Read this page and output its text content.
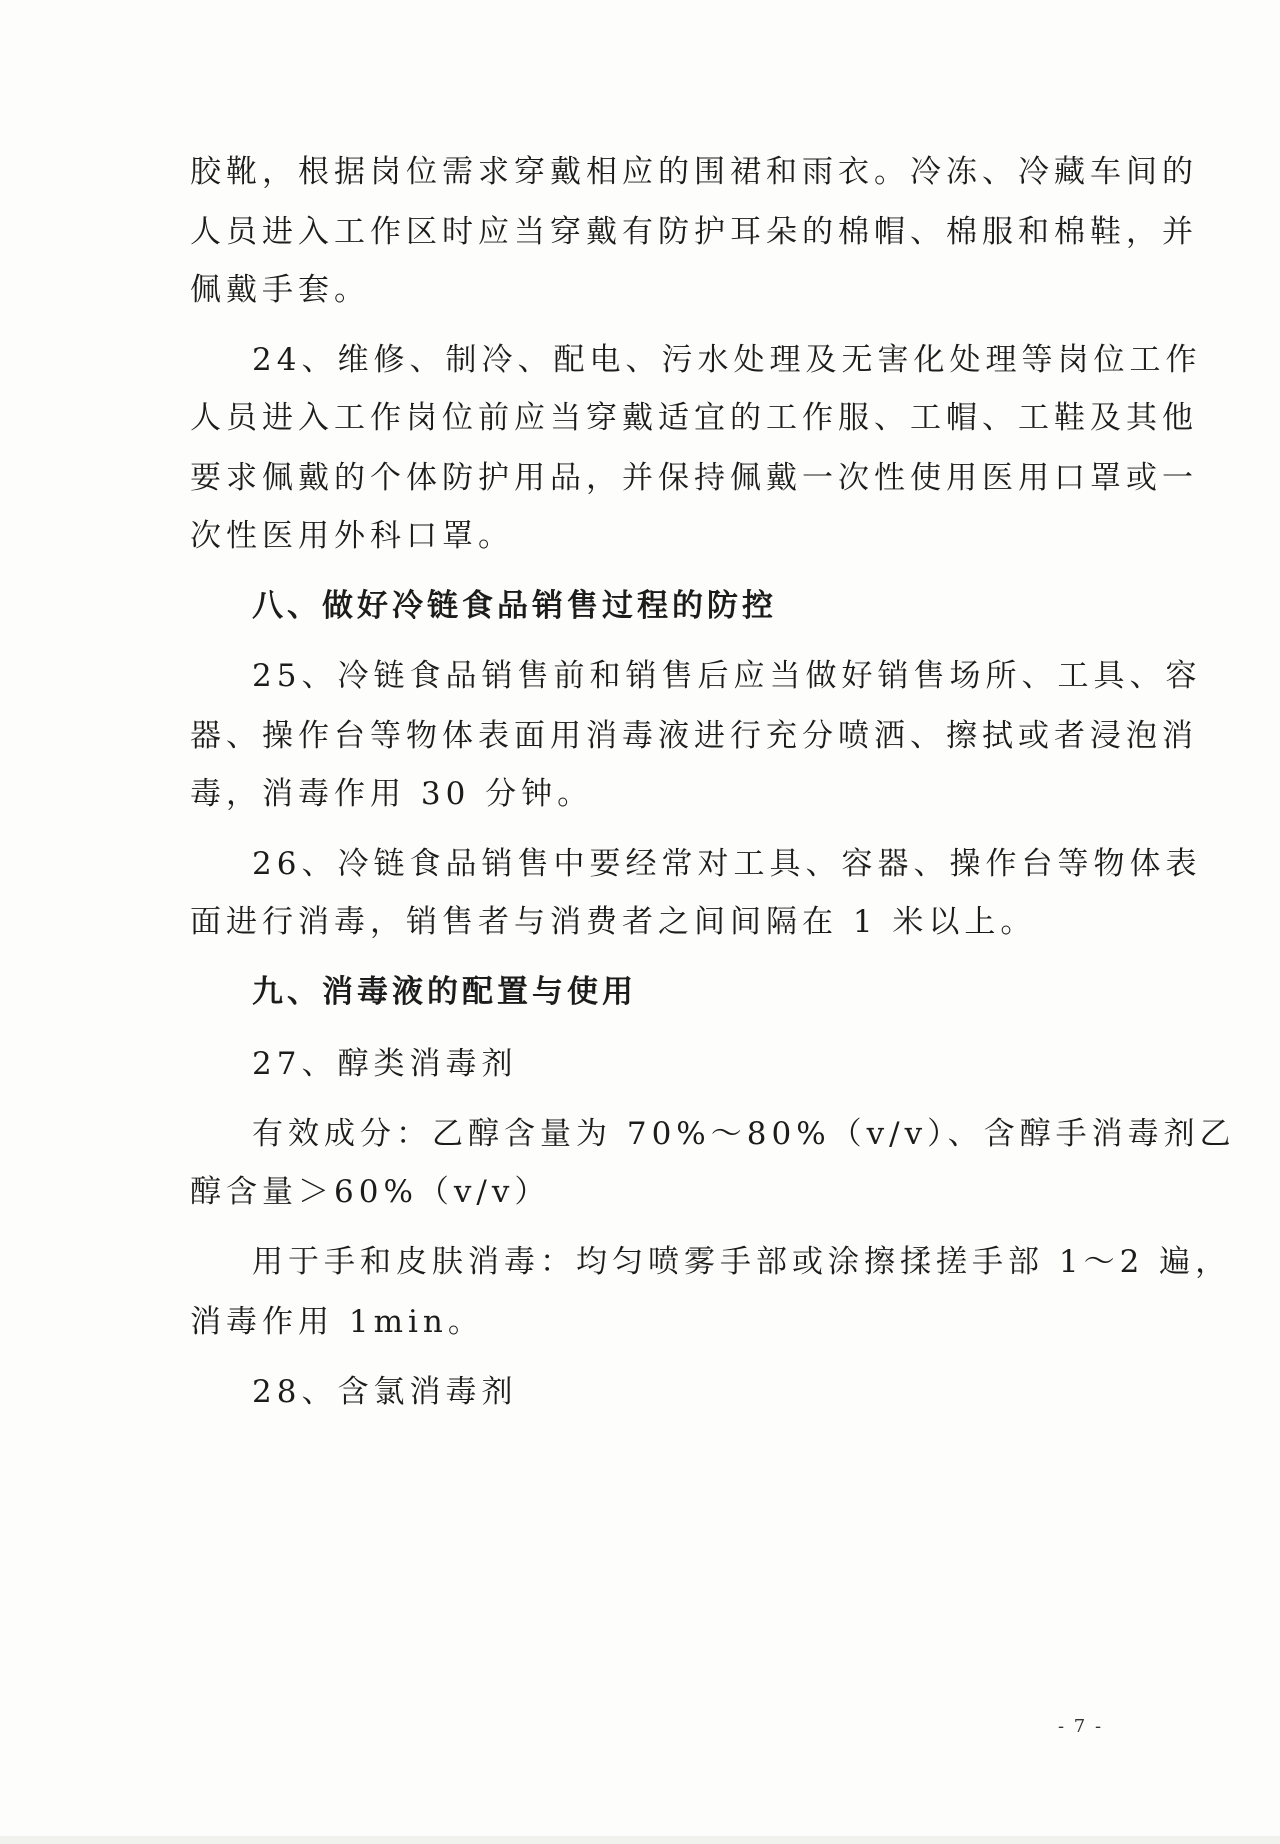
胶靴，根据岗位需求穿戴相应的围裙和雨衣。冷冻、冷藏车间的
人员进入工作区时应当穿戴有防护耳朵的棉帽、棉服和棉鞋，并
佩戴手套。
24、维修、制冷、配电、污水处理及无害化处理等岗位工作
人员进入工作岗位前应当穿戴适宜的工作服、工帽、工鞋及其他
要求佩戴的个体防护用品，并保持佩戴一次性使用医用口罩或一
次性医用外科口罩。
八、做好冷链食品销售过程的防控
25、冷链食品销售前和销售后应当做好销售场所、工具、容
器、操作台等物体表面用消毒液进行充分喷洒、擦拭或者浸泡消
毒，消毒作用 30 分钟。
26、冷链食品销售中要经常对工具、容器、操作台等物体表
面进行消毒，销售者与消费者之间间隔在 1 米以上。
九、消毒液的配置与使用
27、醇类消毒剂
有效成分：乙醇含量为 70%～80%（v/v）、含醇手消毒剂乙
醇含量＞60%（v/v）
用于手和皮肤消毒：均匀喷雾手部或涂擦揉搓手部 1～2 遍，
消毒作用 1min。
28、含氯消毒剂
- 7 -
